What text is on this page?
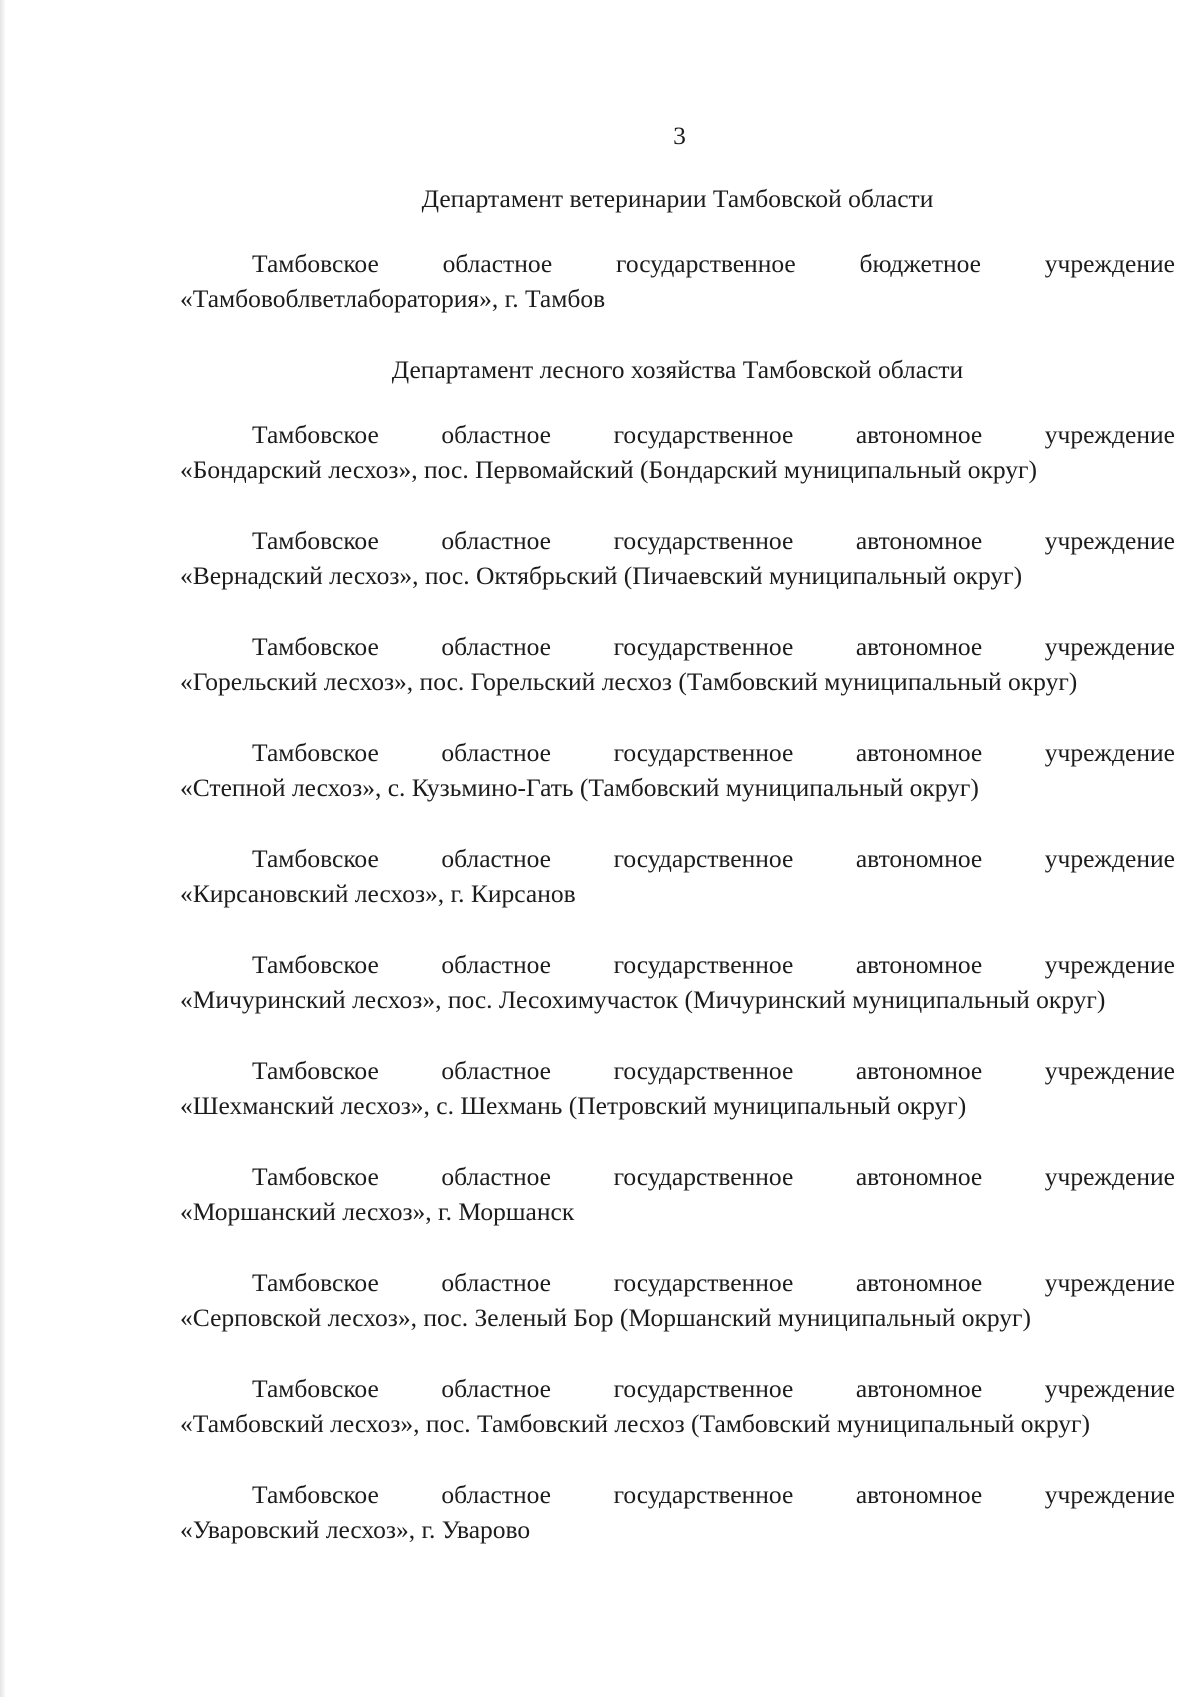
3
Департамент ветеринарии Тамбовской области
Тамбовское	областное	государственное	бюджетное	учреждение
«Тамбовоблветлаборатория», г. Тамбов
Департамент лесного хозяйства Тамбовской области
Тамбовское областное государственное автономное учреждение
«Бондарский лесхоз», пос. Первомайский (Бондарский муниципальный округ)
Тамбовское областное государственное автономное учреждение
«Вернадский лесхоз», пос. Октябрьский (Пичаевский муниципальный округ)
Тамбовское областное государственное автономное учреждение
«Горельский лесхоз», пос. Горельский лесхоз (Тамбовский муниципальный округ)
Тамбовское областное государственное автономное учреждение
«Степной лесхоз», с. Кузьмино-Гать (Тамбовский муниципальный округ)
Тамбовское областное государственное автономное учреждение
«Кирсановский лесхоз», г. Кирсанов
Тамбовское областное государственное автономное учреждение
«Мичуринский лесхоз», пос. Лесохимучасток (Мичуринский муниципальный округ)
Тамбовское областное государственное автономное учреждение
«Шехманский лесхоз», с. Шехмань (Петровский муниципальный округ)
Тамбовское областное государственное автономное учреждение
«Моршанский лесхоз», г. Моршанск
Тамбовское областное государственное автономное учреждение
«Серповской лесхоз», пос. Зеленый Бор (Моршанский муниципальный округ)
Тамбовское областное государственное автономное учреждение
«Тамбовский лесхоз», пос. Тамбовский лесхоз (Тамбовский муниципальный округ)
Тамбовское областное государственное автономное учреждение
«Уваровский лесхоз», г. Уварово
